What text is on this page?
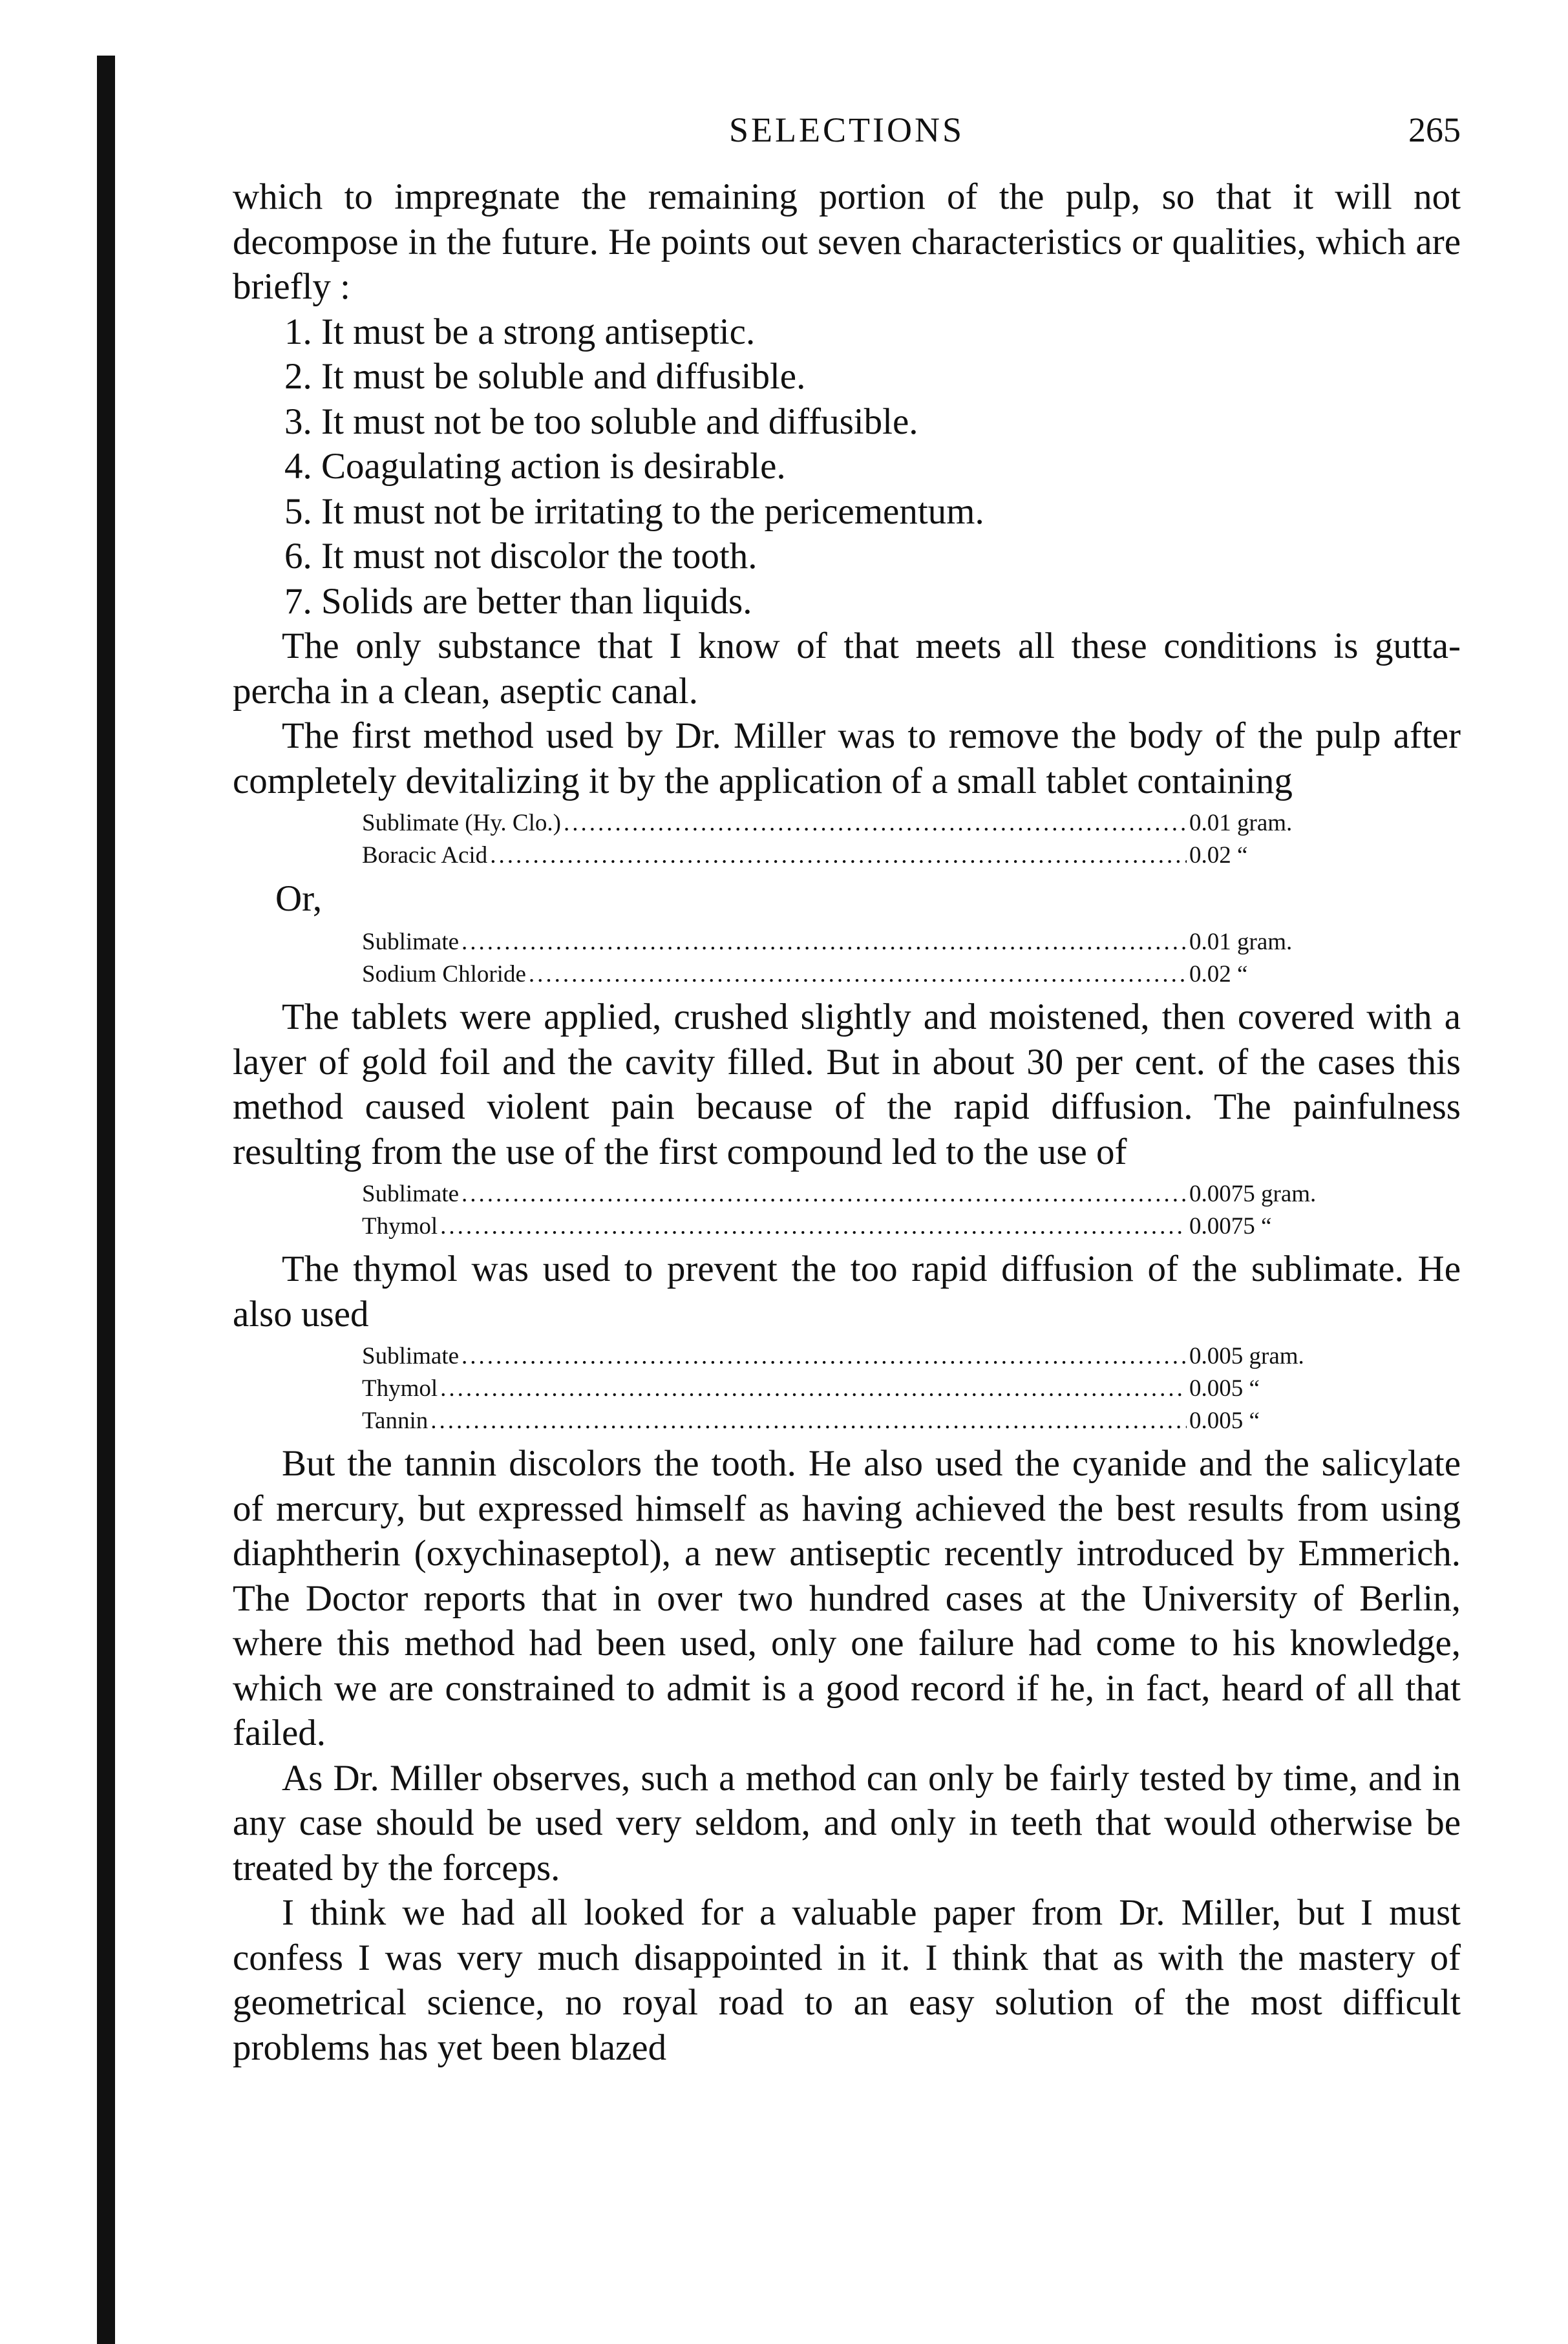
SELECTIONS	265

which to impregnate the remaining portion of the pulp, so that it will not decompose in the future. He points out seven characteristics or qualities, which are briefly :

1. It must be a strong antiseptic.

2. It must be soluble and diffusible.

3. It must not be too soluble and diffusible.

4. Coagulating action is desirable.

5. It must not be irritating to the pericementum.

6. It must not discolor the tooth.

7. Solids are better than liquids.

The only substance that I know of that meets all these conditions is gutta-percha in a clean, aseptic canal.

The first method used by Dr. Miller was to remove the body of the pulp after completely devitalizing it by the application of a small tablet containing

Sublimate (Hy. Clo.) .....	0.01 gram.
Boracic Acid .....	0.02 “
Or,
Sublimate .....	0.01 gram.
Sodium Chloride .....	0.02 “

The tablets were applied, crushed slightly and moistened, then covered with a layer of gold foil and the cavity filled. But in about 30 per cent. of the cases this method caused violent pain because of the rapid diffusion. The painfulness resulting from the use of the first compound led to the use of

Sublimate .....	0.0075 gram.
Thymol .....	0.0075 “

The thymol was used to prevent the too rapid diffusion of the sublimate. He also used

Sublimate .....	0.005 gram.
Thymol .....	0.005 “
Tannin .....	0.005 “

But the tannin discolors the tooth. He also used the cyanide and the salicylate of mercury, but expressed himself as having achieved the best results from using diaphtherin (oxychinaseptol), a new antiseptic recently introduced by Emmerich. The Doctor reports that in over two hundred cases at the University of Berlin, where this method had been used, only one failure had come to his knowledge, which we are constrained to admit is a good record if he, in fact, heard of all that failed.

As Dr. Miller observes, such a method can only be fairly tested by time, and in any case should be used very seldom, and only in teeth that would otherwise be treated by the forceps.

I think we had all looked for a valuable paper from Dr. Miller, but I must confess I was very much disappointed in it. I think that as with the mastery of geometrical science, no royal road to an easy solution of the most difficult problems has yet been blazed
